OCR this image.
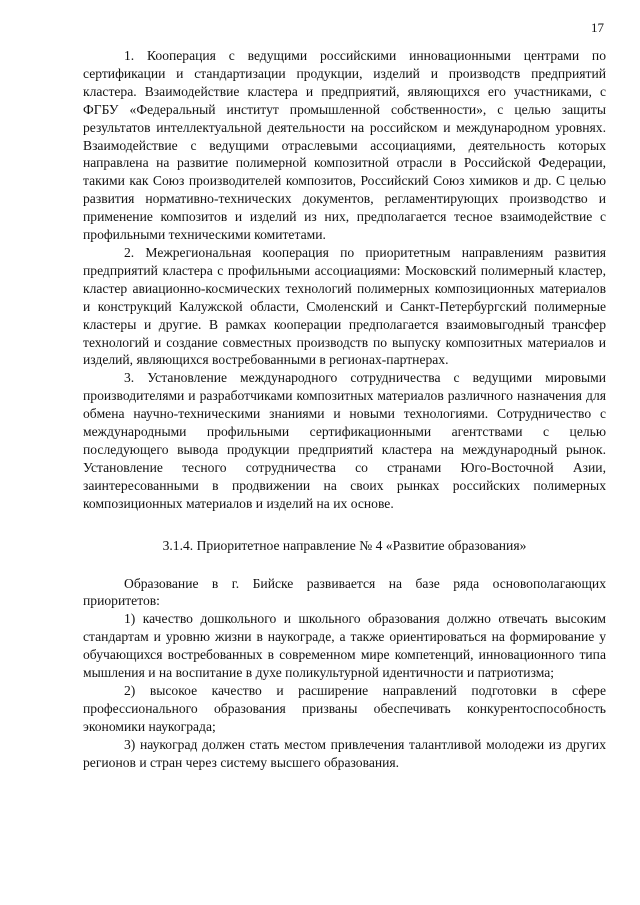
17

1. Кооперация с ведущими российскими инновационными центрами по сертификации и стандартизации продукции, изделий и производств предприятий кластера. Взаимодействие кластера и предприятий, являющихся его участниками, с ФГБУ «Федеральный институт промышленной собственности», с целью защиты результатов интеллектуальной деятельности на российском и международном уровнях. Взаимодействие с ведущими отраслевыми ассоциациями, деятельность которых направлена на развитие полимерной композитной отрасли в Российской Федерации, такими как Союз производителей композитов, Российский Союз химиков и др. С целью развития нормативно-технических документов, регламентирующих производство и применение композитов и изделий из них, предполагается тесное взаимодействие с профильными техническими комитетами.

2. Межрегиональная кооперация по приоритетным направлениям развития предприятий кластера с профильными ассоциациями: Московский полимерный кластер, кластер авиационно-космических технологий полимерных композиционных материалов и конструкций Калужской области, Смоленский и Санкт-Петербургский полимерные кластеры и другие. В рамках кооперации предполагается взаимовыгодный трансфер технологий и создание совместных производств по выпуску композитных материалов и изделий, являющихся востребованными в регионах-партнерах.

3. Установление международного сотрудничества с ведущими мировыми производителями и разработчиками композитных материалов различного назначения для обмена научно-техническими знаниями и новыми технологиями. Сотрудничество с международными профильными сертификационными агентствами с целью последующего вывода продукции предприятий кластера на международный рынок. Установление тесного сотрудничества со странами Юго-Восточной Азии, заинтересованными в продвижении на своих рынках российских полимерных композиционных материалов и изделий на их основе.

3.1.4. Приоритетное направление № 4 «Развитие образования»

Образование в г. Бийске развивается на базе ряда основополагающих приоритетов:

1) качество дошкольного и школьного образования должно отвечать высоким стандартам и уровню жизни в наукограде, а также ориентироваться на формирование у обучающихся востребованных в современном мире компетенций, инновационного типа мышления и на воспитание в духе поликультурной идентичности и патриотизма;

2) высокое качество и расширение направлений подготовки в сфере профессионального образования призваны обеспечивать конкурентоспособность экономики наукограда;

3) наукоград должен стать местом привлечения талантливой молодежи из других регионов и стран через систему высшего образования.
